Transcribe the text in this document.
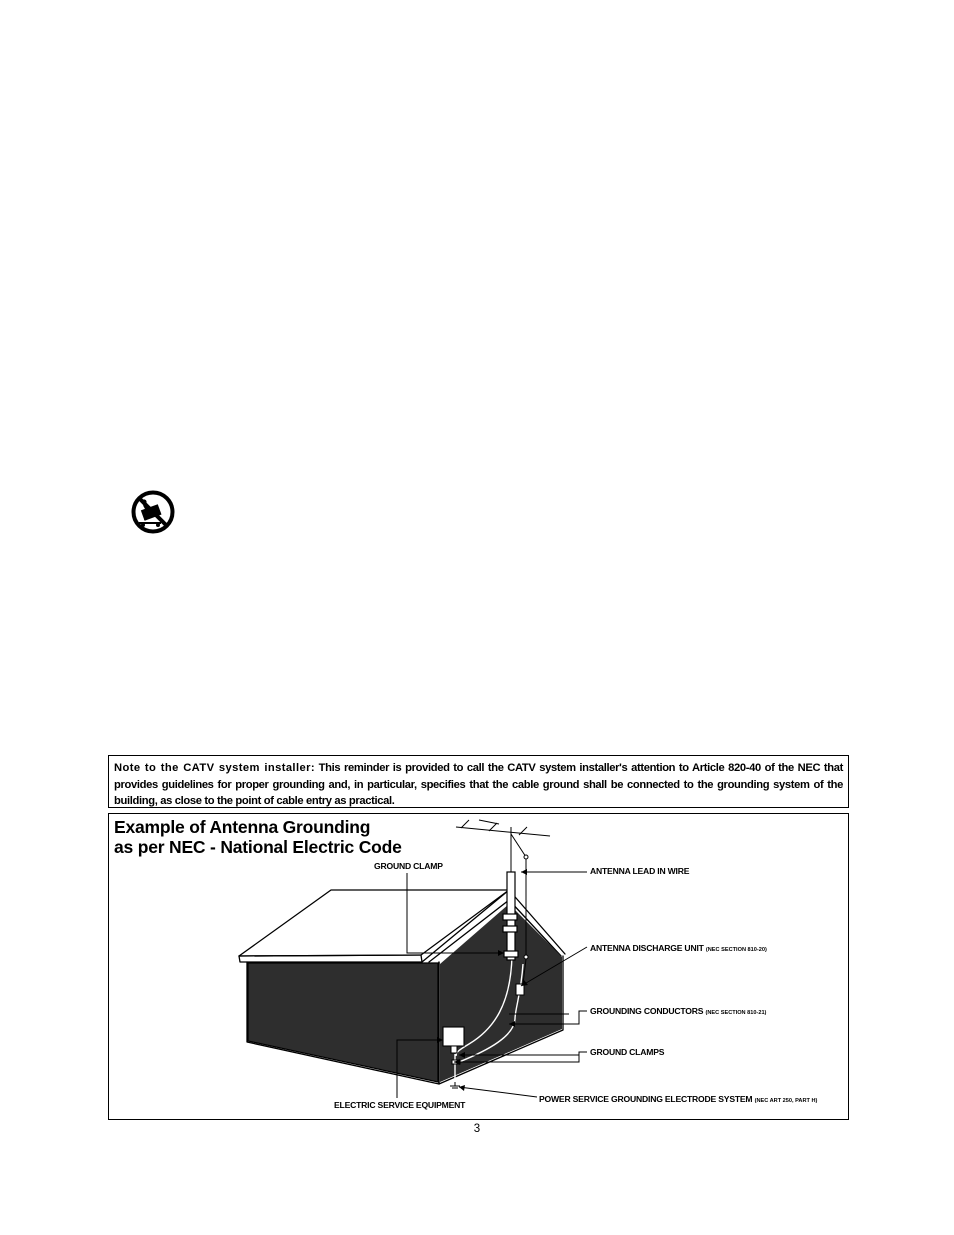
Note to the CATV system installer: This reminder is provided to call the CATV system installer's attention to Article 820-40 of the NEC that provides guidelines for proper grounding and, in particular, specifies that the cable ground shall be connected to the grounding system of the building, as close to the point of cable entry as practical.
Example of Antenna Grounding
as per NEC - National Electric Code
GROUND CLAMP	ANTENNA LEAD IN WIRE
ANTENNA DISCHARGE UNIT (NEC SECTION 810-20)
GROUNDING CONDUCTORS (NEC SECTION 810-21)
GROUND CLAMPS
POWER SERVICE GROUNDING ELECTRODE SYSTEM (NEC ART 250, PART H)
ELECTRIC SERVICE EQUIPMENT
3
